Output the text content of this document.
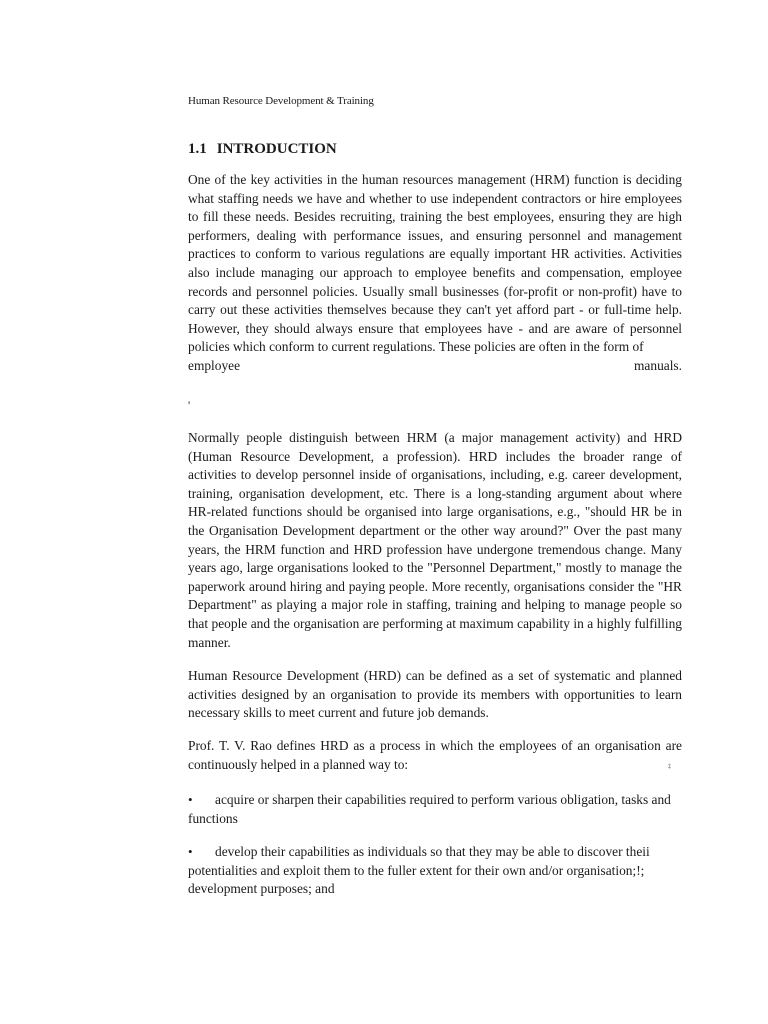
Human Resource Development & Training
1.1 INTRODUCTION
One of the key activities in the human resources management (HRM) function is deciding what staffing needs we have and whether to use independent contractors or hire employees to fill these needs. Besides recruiting, training the best employees, ensuring they are high performers, dealing with performance issues, and ensuring personnel and management practices to conform to various regulations are equally important HR activities. Activities also include managing our approach to employee benefits and compensation, employee records and personnel policies. Usually small businesses (for-profit or non-profit) have to carry out these activities themselves because they can't yet afford part - or full-time help. However, they should always ensure that employees have - and are aware of personnel policies which conform to current regulations. These policies are often in the form of
employee	manuals.
'

Normally people distinguish between HRM (a major management activity) and HRD (Human Resource Development, a profession). HRD includes the broader range of activities to develop personnel inside of organisations, including, e.g. career development, training, organisation development, etc. There is a long-standing argument about where HR-related functions should be organised into large organisations, e.g., "should HR be in the Organisation Development department or the other way around?" Over the past many years, the HRM function and HRD profession have undergone tremendous change. Many years ago, large organisations looked to the "Personnel Department," mostly to manage the paperwork around hiring and paying people. More recently, organisations consider the "HR Department" as playing a major role in staffing, training and helping to manage people so that people and the organisation are performing at maximum capability in a highly fulfilling manner.

Human Resource Development (HRD) can be defined as a set of systematic and planned activities designed by an organisation to provide its members with opportunities to learn necessary skills to meet current and future job demands.

Prof. T. V. Rao defines HRD as a process in which the employees of an organisation are continuously helped in a planned way to:	‡

• acquire or sharpen their capabilities required to perform various obligation, tasks and functions

• develop their capabilities as individuals so that they may be able to discover theii potentialities and exploit them to the fuller extent for their own and/or organisation;!; development purposes; and
